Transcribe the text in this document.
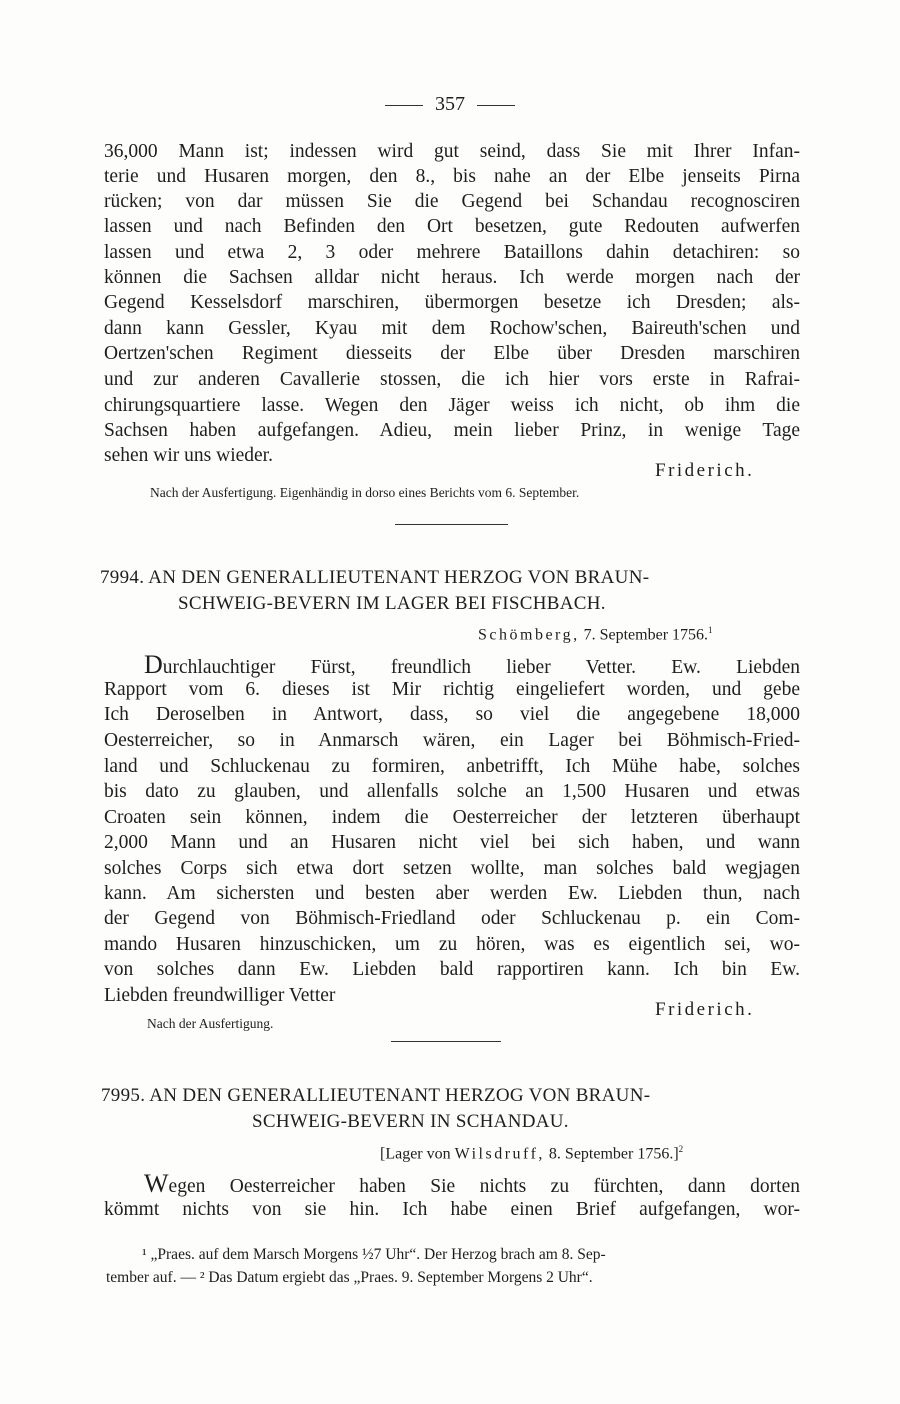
357
36,000 Mann ist; indessen wird gut seind, dass Sie mit Ihrer Infan-
terie und Husaren morgen, den 8., bis nahe an der Elbe jenseits Pirna
rücken; von dar müssen Sie die Gegend bei Schandau recognosciren
lassen und nach Befinden den Ort besetzen, gute Redouten aufwerfen
lassen und etwa 2, 3 oder mehrere Bataillons dahin detachiren: so
können die Sachsen alldar nicht heraus. Ich werde morgen nach der
Gegend Kesselsdorf marschiren, übermorgen besetze ich Dresden; als-
dann kann Gessler, Kyau mit dem Rochow'schen, Baireuth'schen und
Oertzen'schen Regiment diesseits der Elbe über Dresden marschiren
und zur anderen Cavallerie stossen, die ich hier vors erste in Rafrai-
chirungsquartiere lasse. Wegen den Jäger weiss ich nicht, ob ihm die
Sachsen haben aufgefangen. Adieu, mein lieber Prinz, in wenige Tage
sehen wir uns wieder.
Friderich.
Nach der Ausfertigung. Eigenhändig in dorso eines Berichts vom 6. September.
7994. AN DEN GENERALLIEUTENANT HERZOG VON BRAUN-
SCHWEIG-BEVERN IM LAGER BEI FISCHBACH.
Schömberg, 7. September 1756.$^1$
Durchlauchtiger Fürst, freundlich lieber Vetter. Ew. Liebden
Rapport vom 6. dieses ist Mir richtig eingeliefert worden, und gebe
Ich Deroselben in Antwort, dass, so viel die angegebene 18,000
Oesterreicher, so in Anmarsch wären, ein Lager bei Böhmisch-Fried-
land und Schluckenau zu formiren, anbetrifft, Ich Mühe habe, solches
bis dato zu glauben, und allenfalls solche an 1,500 Husaren und etwas
Croaten sein können, indem die Oesterreicher der letzteren überhaupt
2,000 Mann und an Husaren nicht viel bei sich haben, und wann
solches Corps sich etwa dort setzen wollte, man solches bald wegjagen
kann. Am sichersten und besten aber werden Ew. Liebden thun, nach
der Gegend von Böhmisch-Friedland oder Schluckenau p. ein Com-
mando Husaren hinzuschicken, um zu hören, was es eigentlich sei, wo-
von solches dann Ew. Liebden bald rapportiren kann. Ich bin Ew.
Liebden freundwilliger Vetter
Friderich.
Nach der Ausfertigung.
7995. AN DEN GENERALLIEUTENANT HERZOG VON BRAUN-
SCHWEIG-BEVERN IN SCHANDAU.
[Lager von Wilsdruff, 8. September 1756.]$^2$
Wegen Oesterreicher haben Sie nichts zu fürchten, dann dorten
kömmt nichts von sie hin. Ich habe einen Brief aufgefangen, wor-
¹ „Praes. auf dem Marsch Morgens ½7 Uhr“. Der Herzog brach am 8. Sep-
tember auf. — ² Das Datum ergiebt das „Praes. 9. September Morgens 2 Uhr“.
